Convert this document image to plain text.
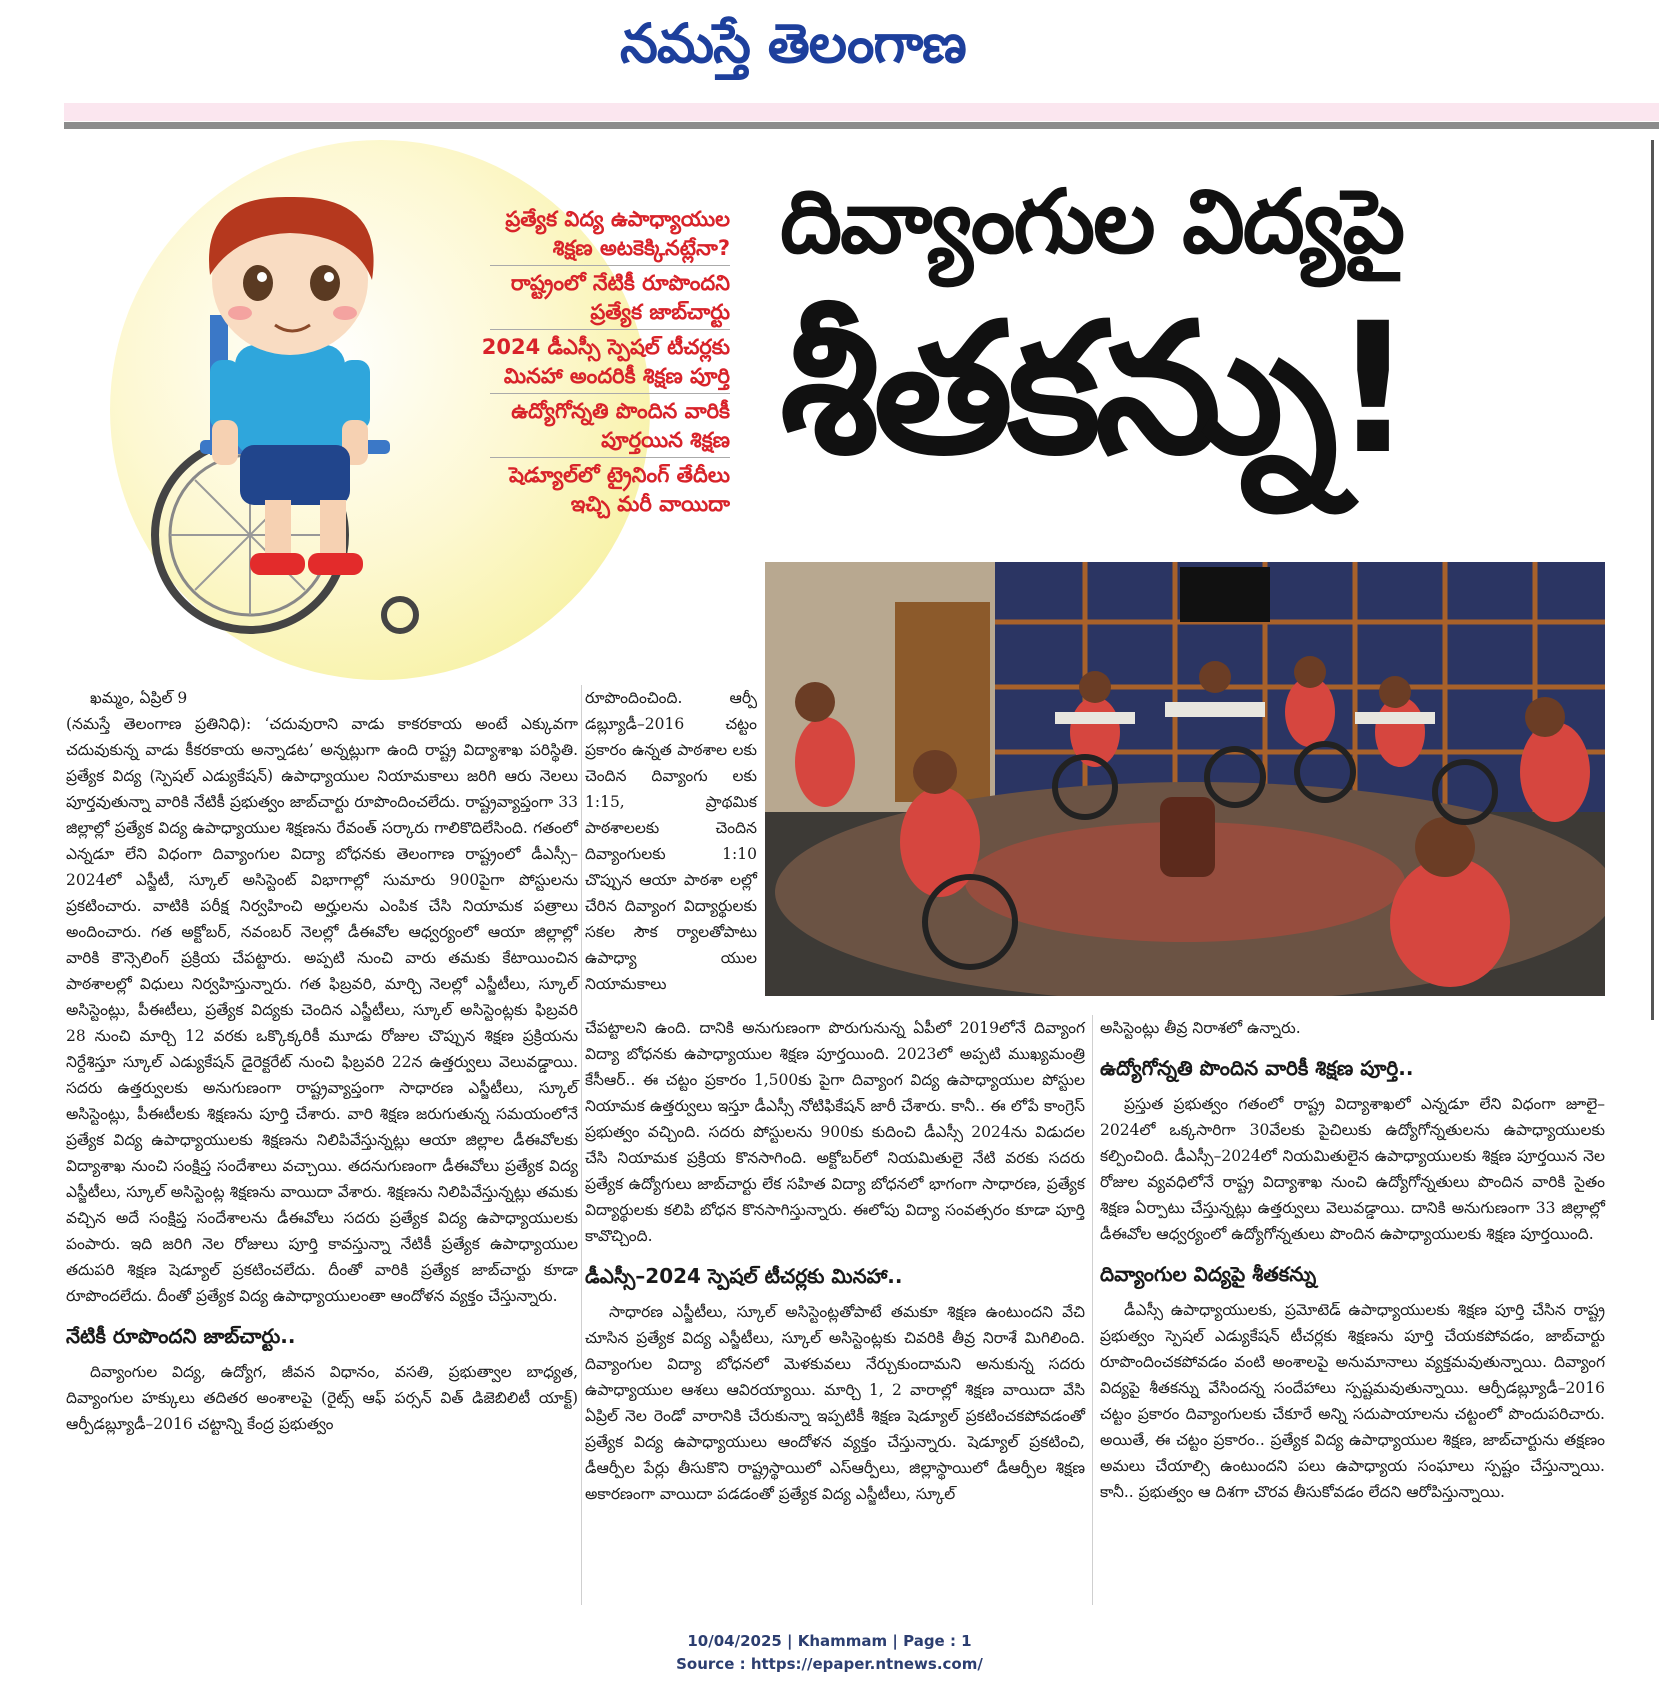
నమస్తే తెలంగాణ
ప్రత్యేక విద్య ఉపాధ్యాయుల
శిక్షణ అటకెక్కినట్లేనా?
రాష్ట్రంలో నేటికీ రూపొందని
ప్రత్యేక జాబ్‌చార్టు
2024 డీఎస్సీ స్పెషల్ టీచర్లకు
మినహా అందరికీ శిక్షణ పూర్తి
ఉద్యోగోన్నతి పొందిన వారికీ
పూర్తయిన శిక్షణ
షెడ్యూల్‌లో ట్రైనింగ్ తేదీలు
ఇచ్చి మరీ వాయిదా
దివ్యాంగుల విద్యపై
శీతకన్ను!

ఖమ్మం, ఏప్రిల్ 9

(నమస్తే తెలంగాణ ప్రతినిధి): ‘చదువురాని వాడు కాకరకాయ అంటే ఎక్కువగా చదువుకున్న వాడు కీకరకాయ అన్నాడట’ అన్నట్లుగా ఉంది రాష్ట్ర విద్యాశాఖ పరిస్థితి. ప్రత్యేక విద్య (స్పెషల్ ఎడ్యుకేషన్) ఉపాధ్యాయుల నియామకాలు జరిగి ఆరు నెలలు పూర్తవుతున్నా వారికి నేటికీ ప్రభుత్వం జాబ్‌చార్టు రూపొందించలేదు. రాష్ట్రవ్యాప్తంగా 33 జిల్లాల్లో ప్రత్యేక విద్య ఉపాధ్యాయుల శిక్షణను రేవంత్ సర్కారు గాలికొదిలేసింది. గతంలో ఎన్నడూ లేని విధంగా దివ్యాంగుల విద్యా బోధనకు తెలంగాణ రాష్ట్రంలో డీఎస్సీ–2024లో ఎస్జీటీ, స్కూల్ అసిస్టెంట్ విభాగాల్లో సుమారు 900పైగా పోస్టులను ప్రకటించారు. వాటికి పరీక్ష నిర్వహించి అర్హులను ఎంపిక చేసి నియామక పత్రాలు అందించారు. గత అక్టోబర్, నవంబర్ నెలల్లో డీఈవోల ఆధ్వర్యంలో ఆయా జిల్లాల్లో వారికి కౌన్సెలింగ్ ప్రక్రియ చేపట్టారు. అప్పటి నుంచి వారు తమకు కేటాయించిన పాఠశాలల్లో విధులు నిర్వహిస్తున్నారు. గత ఫిబ్రవరి, మార్చి నెలల్లో ఎస్జీటీలు, స్కూల్ అసిస్టెంట్లు, పీఈటీలు, ప్రత్యేక విద్యకు చెందిన ఎస్జీటీలు, స్కూల్ అసిస్టెంట్లకు ఫిబ్రవరి 28 నుంచి మార్చి 12 వరకు ఒక్కొక్కరికీ మూడు రోజుల చొప్పున శిక్షణ ప్రక్రియను నిర్దేశిస్తూ స్కూల్ ఎడ్యుకేషన్ డైరెక్టరేట్ నుంచి ఫిబ్రవరి 22న ఉత్తర్వులు వెలువడ్డాయి. సదరు ఉత్తర్వులకు అనుగుణంగా రాష్ట్రవ్యాప్తంగా సాధారణ ఎస్జీటీలు, స్కూల్ అసిస్టెంట్లు, పీఈటీలకు శిక్షణను పూర్తి చేశారు. వారి శిక్షణ జరుగుతున్న సమయంలోనే ప్రత్యేక విద్య ఉపాధ్యాయులకు శిక్షణను నిలిపివేస్తున్నట్లు ఆయా జిల్లాల డీఈవోలకు విద్యాశాఖ నుంచి సంక్షిప్త సందేశాలు వచ్చాయి. తదనుగుణంగా డీఈవోలు ప్రత్యేక విద్య ఎస్జీటీలు, స్కూల్ అసిస్టెంట్ల శిక్షణను వాయిదా వేశారు. శిక్షణను నిలిపివేస్తున్నట్లు తమకు వచ్చిన అదే సంక్షిప్త సందేశాలను డీఈవోలు సదరు ప్రత్యేక విద్య ఉపాధ్యాయులకు పంపారు. ఇది జరిగి నెల రోజులు పూర్తి కావస్తున్నా నేటికీ ప్రత్యేక ఉపాధ్యాయుల తదుపరి శిక్షణ షెడ్యూల్ ప్రకటించలేదు. దీంతో వారికి ప్రత్యేక జాబ్‌చార్టు కూడా రూపొందలేదు. దీంతో ప్రత్యేక విద్య ఉపాధ్యాయులంతా ఆందోళన వ్యక్తం చేస్తున్నారు.

నేటికీ రూపొందని జాబ్‌చార్టు..

దివ్యాంగుల విద్య, ఉద్యోగ, జీవన విధానం, వసతి, ప్రభుత్వాల బాధ్యత, దివ్యాంగుల హక్కులు తదితర అంశాలపై (రైట్స్ ఆఫ్ పర్సన్ విత్ డిజెబిలిటీ యాక్ట్) ఆర్పీడబ్ల్యూడీ–2016 చట్టాన్ని కేంద్ర ప్రభుత్వం

రూపొందించింది. ఆర్పీ డబ్ల్యూడీ–2016 చట్టం ప్రకారం ఉన్నత పాఠశాల లకు చెందిన దివ్యాంగు లకు 1:15, ప్రాథమిక పాఠశాలలకు చెందిన దివ్యాంగులకు 1:10 చొప్పున ఆయా పాఠశా లల్లో చేరిన దివ్యాంగ విద్యార్థులకు సకల సౌక ర్యాలతోపాటు ఉపాధ్యా యుల నియామకాలు

చేపట్టాలని ఉంది. దానికి అనుగుణంగా పొరుగునున్న ఏపీలో 2019లోనే దివ్యాంగ విద్యా బోధనకు ఉపాధ్యాయుల శిక్షణ పూర్తయింది. 2023లో అప్పటి ముఖ్యమంత్రి కేసీఆర్.. ఈ చట్టం ప్రకారం 1,500కు పైగా దివ్యాంగ విద్య ఉపాధ్యాయుల పోస్టుల నియామక ఉత్తర్వులు ఇస్తూ డీఎస్సీ నోటిఫికేషన్ జారీ చేశారు. కానీ.. ఈ లోపే కాంగ్రెస్ ప్రభుత్వం వచ్చింది. సదరు పోస్టులను 900కు కుదించి డీఎస్సీ 2024ను విడుదల చేసి నియామక ప్రక్రియ కొనసాగింది. అక్టోబర్‌లో నియమితులై నేటి వరకు సదరు ప్రత్యేక ఉద్యోగులు జాబ్‌చార్టు లేక సహిత విద్యా బోధనలో భాగంగా సాధారణ, ప్రత్యేక విద్యార్థులకు కలిపి బోధన కొనసాగిస్తున్నారు. ఈలోపు విద్యా సంవత్సరం కూడా పూర్తి కావొచ్చింది.

డీఎస్సీ–2024 స్పెషల్ టీచర్లకు మినహా..

సాధారణ ఎస్జీటీలు, స్కూల్ అసిస్టెంట్లతోపాటే తమకూ శిక్షణ ఉంటుందని వేచి చూసిన ప్రత్యేక విద్య ఎస్జీటీలు, స్కూల్ అసిస్టెంట్లకు చివరికి తీవ్ర నిరాశే మిగిలింది. దివ్యాంగుల విద్యా బోధనలో మెళకువలు నేర్చుకుందామని అనుకున్న సదరు ఉపాధ్యాయుల ఆశలు ఆవిరయ్యాయి. మార్చి 1, 2 వారాల్లో శిక్షణ వాయిదా వేసి ఏప్రిల్ నెల రెండో వారానికి చేరుకున్నా ఇప్పటికీ శిక్షణ షెడ్యూల్ ప్రకటించకపోవడంతో ప్రత్యేక విద్య ఉపాధ్యాయులు ఆందోళన వ్యక్తం చేస్తున్నారు. షెడ్యూల్ ప్రకటించి, డీఆర్పీల పేర్లు తీసుకొని రాష్ట్రస్థాయిలో ఎస్ఆర్పీలు, జిల్లాస్థాయిలో డీఆర్పీల శిక్షణ అకారణంగా వాయిదా పడడంతో ప్రత్యేక విద్య ఎస్జీటీలు, స్కూల్

అసిస్టెంట్లు తీవ్ర నిరాశలో ఉన్నారు.

ఉద్యోగోన్నతి పొందిన వారికీ శిక్షణ పూర్తి..

ప్రస్తుత ప్రభుత్వం గతంలో రాష్ట్ర విద్యాశాఖలో ఎన్నడూ లేని విధంగా జూలై–2024లో ఒక్కసారిగా 30వేలకు పైచిలుకు ఉద్యోగోన్నతులను ఉపాధ్యాయులకు కల్పించింది. డీఎస్సీ–2024లో నియమితులైన ఉపాధ్యాయులకు శిక్షణ పూర్తయిన నెల రోజుల వ్యవధిలోనే రాష్ట్ర విద్యాశాఖ నుంచి ఉద్యోగోన్నతులు పొందిన వారికి సైతం శిక్షణ ఏర్పాటు చేస్తున్నట్లు ఉత్తర్వులు వెలువడ్డాయి. దానికి అనుగుణంగా 33 జిల్లాల్లో డీఈవోల ఆధ్వర్యంలో ఉద్యోగోన్నతులు పొందిన ఉపాధ్యాయులకు శిక్షణ పూర్తయింది.

దివ్యాంగుల విద్యపై శీతకన్ను

డీఎస్సీ ఉపాధ్యాయులకు, ప్రమోటెడ్ ఉపాధ్యాయులకు శిక్షణ పూర్తి చేసిన రాష్ట్ర ప్రభుత్వం స్పెషల్ ఎడ్యుకేషన్ టీచర్లకు శిక్షణను పూర్తి చేయకపోవడం, జాబ్‌చార్టు రూపొందించకపోవడం వంటి అంశాలపై అనుమానాలు వ్యక్తమవుతున్నాయి. దివ్యాంగ విద్యపై శీతకన్ను వేసిందన్న సందేహాలు స్పష్టమవుతున్నాయి. ఆర్పీడబ్ల్యూడీ–2016 చట్టం ప్రకారం దివ్యాంగులకు చేకూరే అన్ని సదుపాయాలను చట్టంలో పొందుపరిచారు. అయితే, ఈ చట్టం ప్రకారం.. ప్రత్యేక విద్య ఉపాధ్యాయుల శిక్షణ, జాబ్‌చార్టును తక్షణం అమలు చేయాల్సి ఉంటుందని పలు ఉపాధ్యాయ సంఘాలు స్పష్టం చేస్తున్నాయి. కానీ.. ప్రభుత్వం ఆ దిశగా చొరవ తీసుకోవడం లేదని ఆరోపిస్తున్నాయి.

10/04/2025 | Khammam | Page : 1
Source : https://epaper.ntnews.com/
